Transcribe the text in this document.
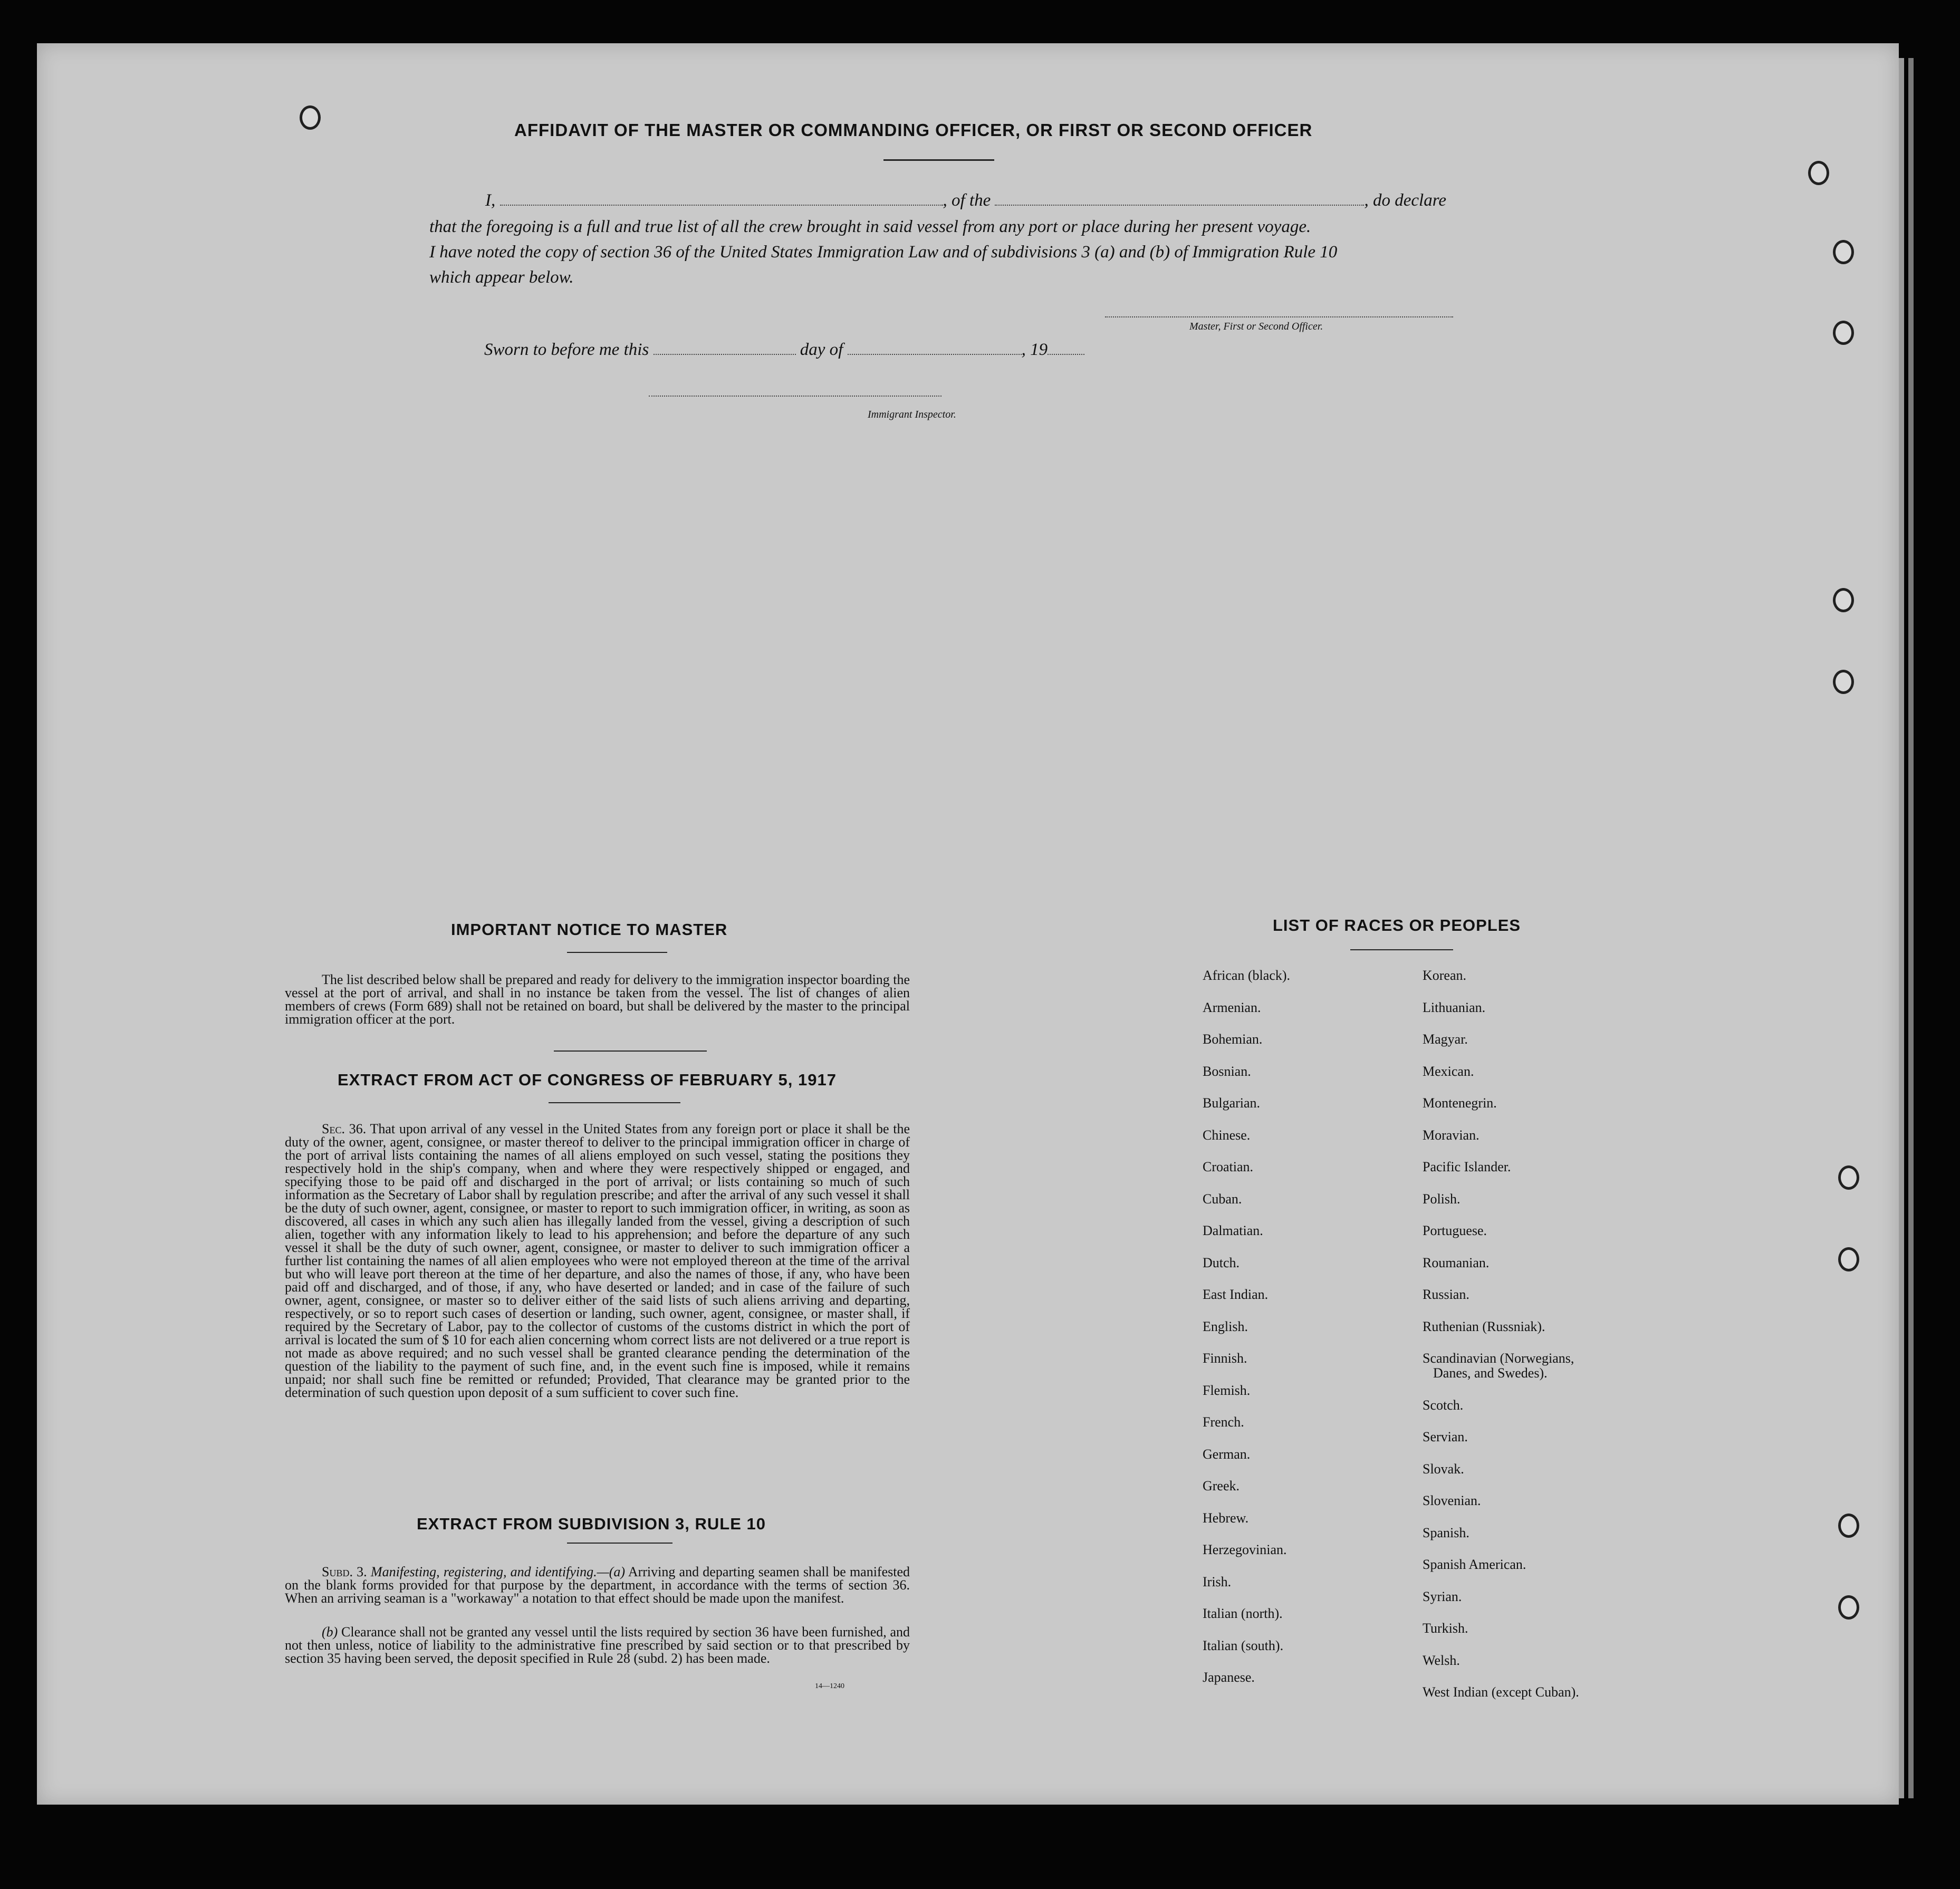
AFFIDAVIT OF THE MASTER OR COMMANDING OFFICER, OR FIRST OR SECOND OFFICER
I,	, of the	, do declare
that the foregoing is a full and true list of all the crew brought in said vessel from any port or place during her present voyage.
I have noted the copy of section 36 of the United States Immigration Law and of subdivisions 3 (a) and (b) of Immigration Rule 10
which appear below.
Master, First or Second Officer.
Sworn to before me this	day of	, 19
Immigrant Inspector.
IMPORTANT NOTICE TO MASTER
The list described below shall be prepared and ready for delivery to the immigration inspector boarding the vessel at the port of arrival, and shall in no instance be taken from the vessel. The list of changes of alien members of crews (Form 689) shall not be retained on board, but shall be delivered by the master to the principal immigration officer at the port.
EXTRACT FROM ACT OF CONGRESS OF FEBRUARY 5, 1917
Sec. 36. That upon arrival of any vessel in the United States from any foreign port or place it shall be the duty of the owner, agent, consignee, or master thereof to deliver to the principal immigration officer in charge of the port of arrival lists containing the names of all aliens employed on such vessel, stating the positions they respectively hold in the ship's company, when and where they were respectively shipped or engaged, and specifying those to be paid off and discharged in the port of arrival; or lists containing so much of such information as the Secretary of Labor shall by regulation prescribe; and after the arrival of any such vessel it shall be the duty of such owner, agent, consignee, or master to report to such immigration officer, in writing, as soon as discovered, all cases in which any such alien has illegally landed from the vessel, giving a description of such alien, together with any information likely to lead to his apprehension; and before the departure of any such vessel it shall be the duty of such owner, agent, consignee, or master to deliver to such immigration officer a further list containing the names of all alien employees who were not employed thereon at the time of the arrival but who will leave port thereon at the time of her departure, and also the names of those, if any, who have been paid off and discharged, and of those, if any, who have deserted or landed; and in case of the failure of such owner, agent, consignee, or master so to deliver either of the said lists of such aliens arriving and departing, respectively, or so to report such cases of desertion or landing, such owner, agent, consignee, or master shall, if required by the Secretary of Labor, pay to the collector of customs of the customs district in which the port of arrival is located the sum of $ 10 for each alien concerning whom correct lists are not delivered or a true report is not made as above required; and no such vessel shall be granted clearance pending the determination of the question of the liability to the payment of such fine, and, in the event such fine is imposed, while it remains unpaid; nor shall such fine be remitted or refunded; Provided, That clearance may be granted prior to the determination of such question upon deposit of a sum sufficient to cover such fine.
EXTRACT FROM SUBDIVISION 3, RULE 10
Subd. 3. Manifesting, registering, and identifying.—(a) Arriving and departing seamen shall be manifested on the blank forms provided for that purpose by the department, in accordance with the terms of section 36. When an arriving seaman is a "workaway" a notation to that effect should be made upon the manifest.
(b) Clearance shall not be granted any vessel until the lists required by section 36 have been furnished, and not then unless, notice of liability to the administrative fine prescribed by said section or to that prescribed by section 35 having been served, the deposit specified in Rule 28 (subd. 2) has been made.
14—1240
LIST OF RACES OR PEOPLES
African (black).
Armenian.
Bohemian.
Bosnian.
Bulgarian.
Chinese.
Croatian.
Cuban.
Dalmatian.
Dutch.
East Indian.
English.
Finnish.
Flemish.
French.
German.
Greek.
Hebrew.
Herzegovinian.
Irish.
Italian (north).
Italian (south).
Japanese.
Korean.
Lithuanian.
Magyar.
Mexican.
Montenegrin.
Moravian.
Pacific Islander.
Polish.
Portuguese.
Roumanian.
Russian.
Ruthenian (Russniak).
Scandinavian (Norwegians,
Danes, and Swedes).
Scotch.
Servian.
Slovak.
Slovenian.
Spanish.
Spanish American.
Syrian.
Turkish.
Welsh.
West Indian (except Cuban).
